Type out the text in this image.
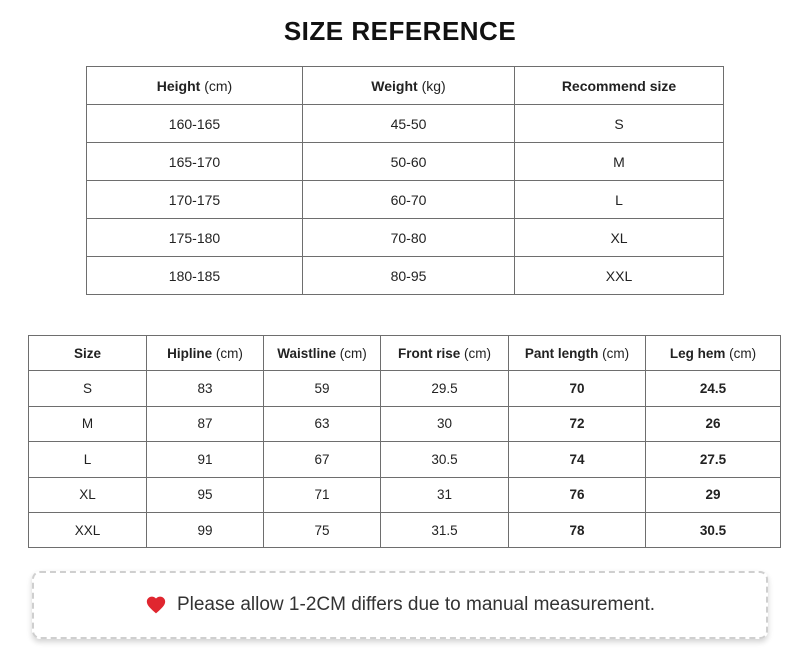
SIZE REFERENCE
Height (cm)	Weight (kg)	Recommend size
160-165	45-50	S
165-170	50-60	M
170-175	60-70	L
175-180	70-80	XL
180-185	80-95	XXL
Size	Hipline (cm)	Waistline (cm)	Front rise (cm)	Pant length (cm)	Leg hem (cm)
S	83	59	29.5	70	24.5
M	87	63	30	72	26
L	91	67	30.5	74	27.5
XL	95	71	31	76	29
XXL	99	75	31.5	78	30.5
Please allow 1-2CM differs due to manual measurement.
